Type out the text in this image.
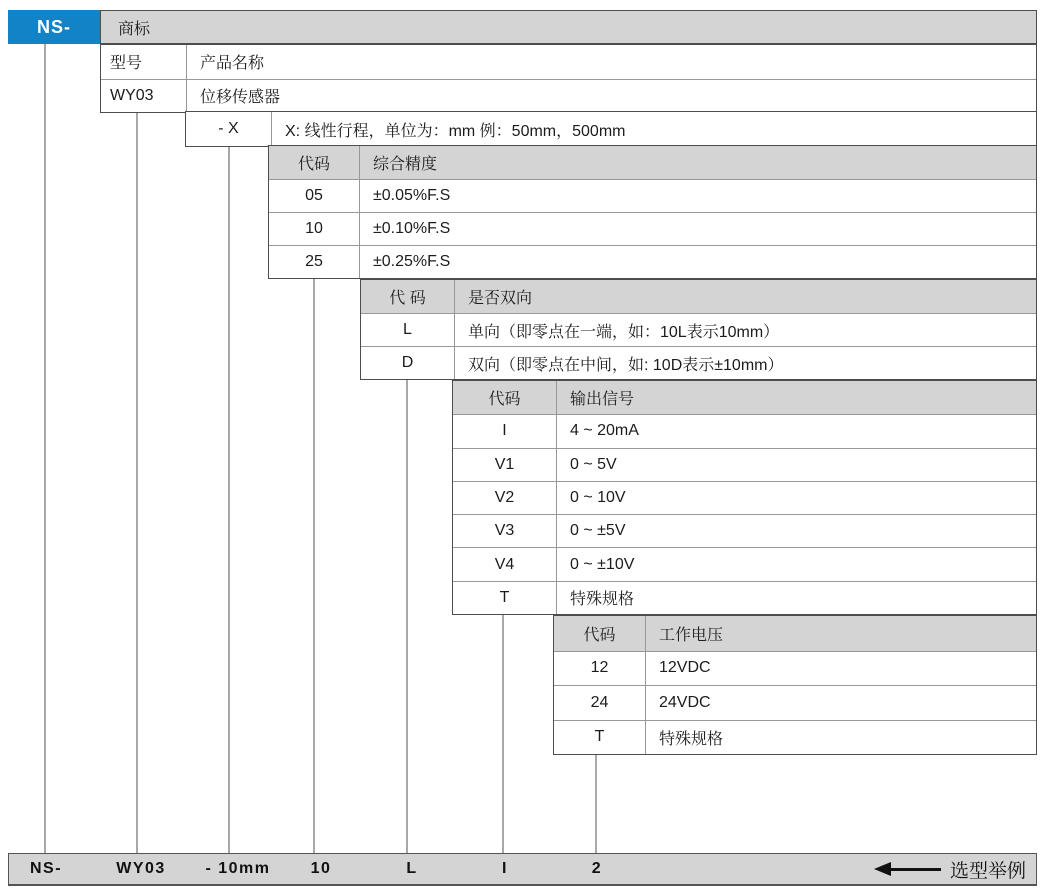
NS-	商标
型号	产品名称
WY03	位移传感器
- X	X: 线性行程，单位为：mm 例：50mm，500mm
代码	综合精度
05	±0.05%F.S
10	±0.10%F.S
25	±0.25%F.S
代 码	是否双向
L	单向（即零点在一端，如：10L表示10mm）
D	双向（即零点在中间，如: 10D表示±10mm）
代码	输出信号
I	4 ~ 20mA
V1	0 ~ 5V
V2	0 ~ 10V
V3	0 ~ ±5V
V4	0 ~ ±10V
T	特殊规格
代码	工作电压
12	12VDC
24	24VDC
T	特殊规格
NS-	WY03 - 10mm	10	L	I	2	选型举例
